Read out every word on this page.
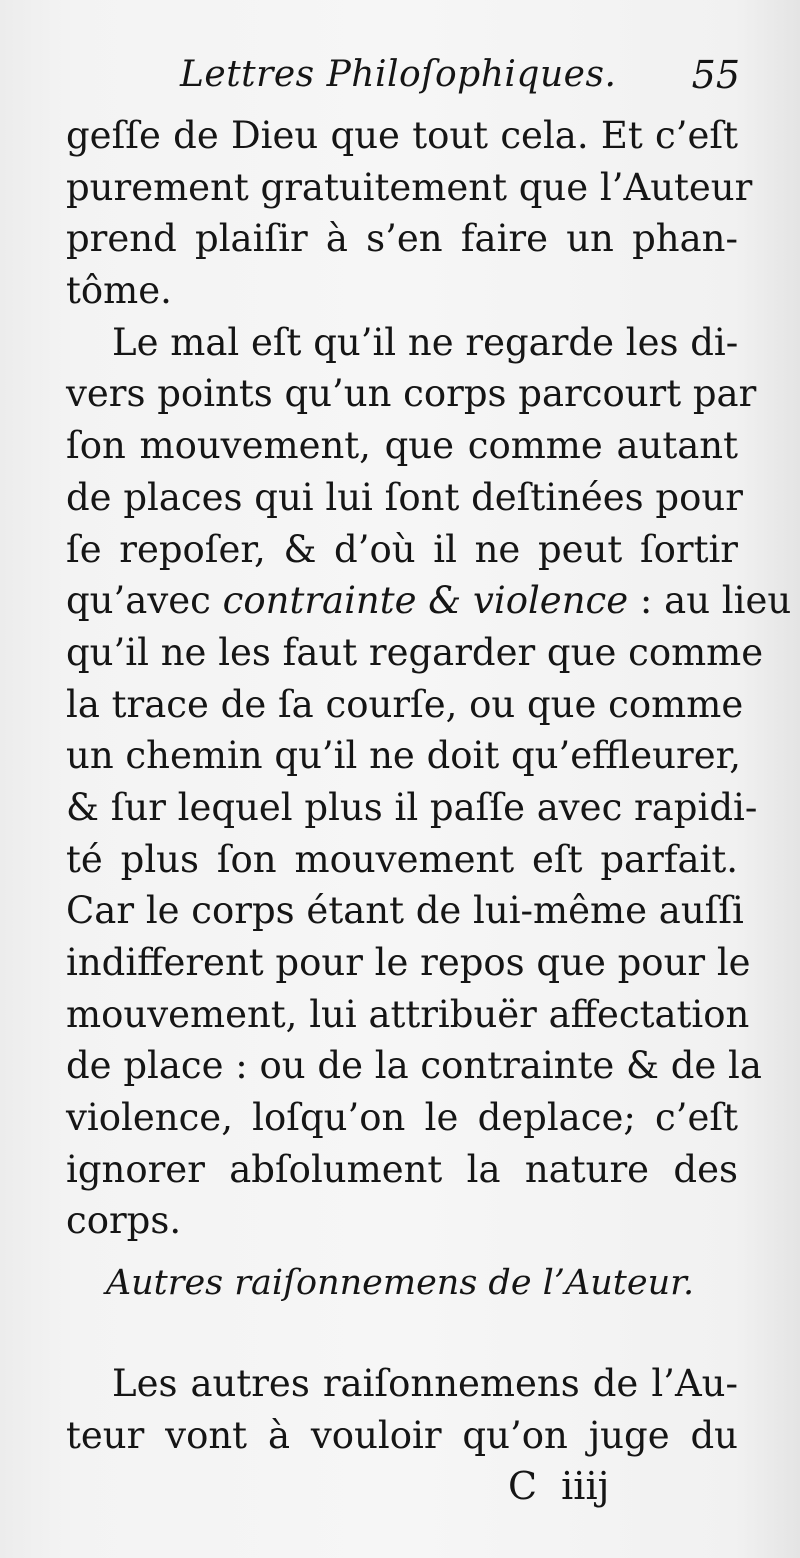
Lettres Philoſophiques. 55
geſſe de Dieu que tout cela. Et c’eſt
purement gratuitement que l’Auteur
prend plaiſir à s’en faire un phan-
tôme.
Le mal eſt qu’il ne regarde les di-
vers points qu’un corps parcourt par
ſon mouvement, que comme autant
de places qui lui ſont deſtinées pour
ſe repoſer, & d’où il ne peut ſortir
qu’avec contrainte & violence : au lieu
qu’il ne les faut regarder que comme
la trace de ſa courſe, ou que comme
un chemin qu’il ne doit qu’effleurer,
& ſur lequel plus il paſſe avec rapidi-
té plus ſon mouvement eſt parfait.
Car le corps étant de lui-même auſſi
indifferent pour le repos que pour le
mouvement, lui attribuër affectation
de place : ou de la contrainte & de la
violence, loſqu’on le deplace; c’eſt
ignorer abſolument la nature des
corps.
Autres raiſonnemens de l’Auteur.
Les autres raiſonnemens de l’Au-
teur vont à vouloir qu’on juge du
C iiij
